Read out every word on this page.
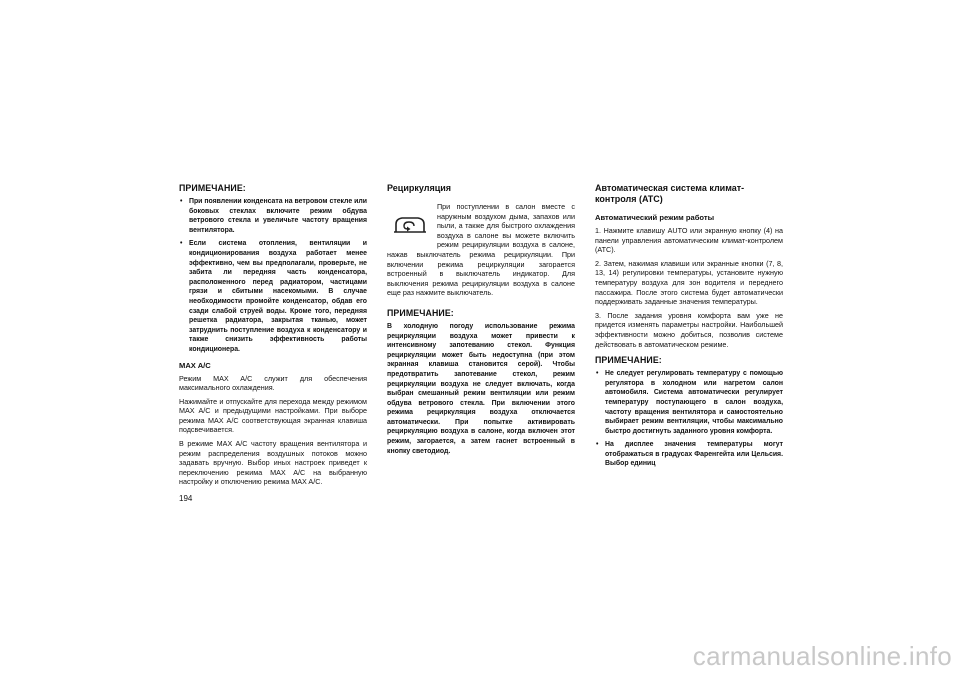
ПРИМЕЧАНИЕ:
• При появлении конденсата на ветровом стекле или боковых стеклах включите режим обдува ветрового стекла и увеличьте частоту вращения вентилятора.
• Если система отопления, вентиляции и кондиционирования воздуха работает менее эффективно, чем вы предполагали, проверьте, не забита ли передняя часть конденсатора, расположенного перед радиатором, частицами грязи и сбитыми насекомыми. В случае необходимости промойте конденсатор, обдав его сзади слабой струей воды. Кроме того, передняя решетка радиатора, закрытая тканью, может затруднить поступление воздуха к конденсатору и также снизить эффективность работы кондиционера.
MAX A/C

Режим MAX A/C служит для обеспечения максимального охлаждения.

Нажимайте и отпускайте для перехода между режимом MAX A/C и предыдущими настройками. При выборе режима MAX A/C соответствующая экранная клавиша подсвечивается.

В режиме MAX A/C частоту вращения вентилятора и режим распределения воздушных потоков можно задавать вручную. Выбор иных настроек приведет к переключению режима MAX A/C на выбранную настройку и отключению режима MAX A/C.

Рециркуляция

При поступлении в салон вместе с наружным воздухом дыма, запахов или пыли, а также для быстрого охлаждения воздуха в салоне вы можете включить режим рециркуляции воздуха в салоне, нажав выключатель режима рециркуляции. При включении режима рециркуляции загорается встроенный в выключатель индикатор. Для выключения режима рециркуляции воздуха в салоне еще раз нажмите выключатель.

ПРИМЕЧАНИЕ:

В холодную погоду использование режима рециркуляции воздуха может привести к интенсивному запотеванию стекол. Функция рециркуляции может быть недоступна (при этом экранная клавиша становится серой). Чтобы предотвратить запотевание стекол, режим рециркуляции воздуха не следует включать, когда выбран смешанный режим вентиляции или режим обдува ветрового стекла. При включении этого режима рециркуляция воздуха отключается автоматически. При попытке активировать рециркуляцию воздуха в салоне, когда включен этот режим, загорается, а затем гаснет встроенный в кнопку светодиод.

Автоматическая система климат-контроля (ATC)
Автоматический режим работы

1. Нажмите клавишу AUTO или экранную кнопку (4) на панели управления автоматическим климат-контролем (ATC).

2. Затем, нажимая клавиши или экранные кнопки (7, 8, 13, 14) регулировки температуры, установите нужную температуру воздуха для зон водителя и переднего пассажира. После этого система будет автоматически поддерживать заданные значения температуры.

3. После задания уровня комфорта вам уже не придется изменять параметры настройки. Наибольшей эффективности можно добиться, позволив системе действовать в автоматическом режиме.

ПРИМЕЧАНИЕ:
• Не следует регулировать температуру с помощью регулятора в холодном или нагретом салон автомобиля. Система автоматически регулирует температуру поступающего в салон воздуха, частоту вращения вентилятора и самостоятельно выбирает режим вентиляции, чтобы максимально быстро достигнуть заданного уровня комфорта.
• На дисплее значения температуры могут отображаться в градусах Фаренгейта или Цельсия. Выбор единиц
194
carmanualsonline.info
